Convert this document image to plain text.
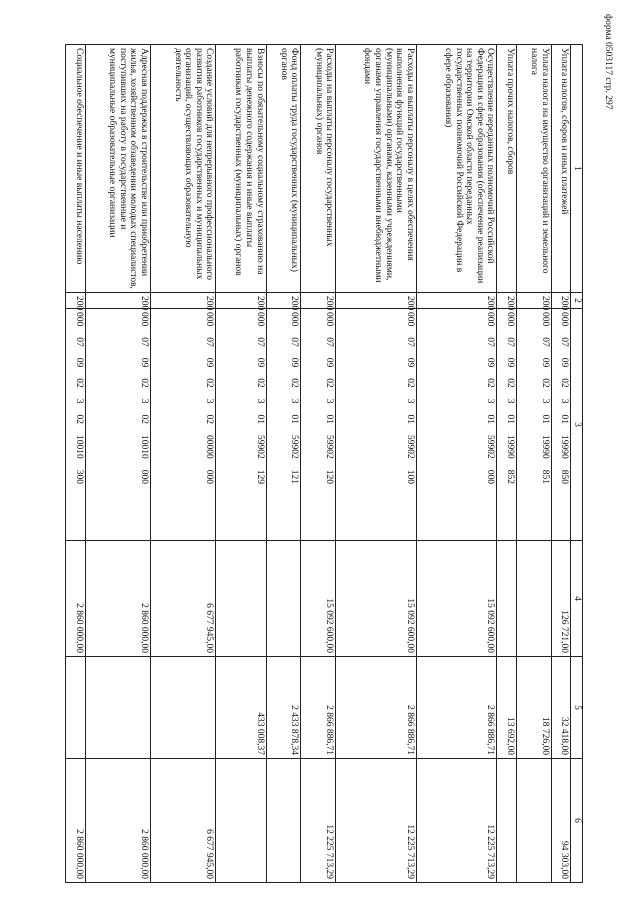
форма 0503117 стр. 297
1	2	3	4	5	6
Уплата налогов, сборов и иных платежей	200	00007090230119990850	126 721,00	32 418,00	94 303,00
Уплата налога на имущество организаций и земельного налога	200	00007090230119990851		18 726,00	
Уплата прочих налогов, сборов	200	00007090230119990852		13 692,00	
Осуществление переданных полномочий Российской Федерации в сфере образования (обеспечение реализации на территории Омской области переданных государственных полномочий Российской Федерации в сфере образования)	200	00007090230159902000	15 092 600,00	2 866 886,71	12 225 713,29
Расходы на выплаты персоналу в целях обеспечения выполнения функций государственными (муниципальными) органами, казенными учреждениями, органами управления государственными внебюджетными фондами	200	00007090230159902100	15 092 600,00	2 866 886,71	12 225 713,29
Расходы на выплаты персоналу государственных (муниципальных) органов	200	00007090230159902120	15 092 600,00	2 866 886,71	12 225 713,29
Фонд оплаты труда государственных (муниципальных) органов	200	00007090230159902121		2 433 878,34	
Взносы по обязательному социальному страхованию на выплаты денежного содержания и иные выплаты работникам государственных (муниципальных) органов	200	00007090230159902129		433 008,37	
Создание условий для непрерывного профессионального развития работников государственных и муниципальных организаций, осуществляющих образовательную деятельность	200	00007090230200000000	6 677 945,00		6 677 945,00
Адресная поддержка в строительстве или приобретении жилья, хозяйственном обзаведении молодых специалистов, поступивших на работу в государственные и муниципальные образовательные организации	200	00007090230210010000	2 860 000,00		2 860 000,00
Социальное обеспечение и иные выплаты населению	200	00007090230210010300	2 860 000,00		2 860 000,00
